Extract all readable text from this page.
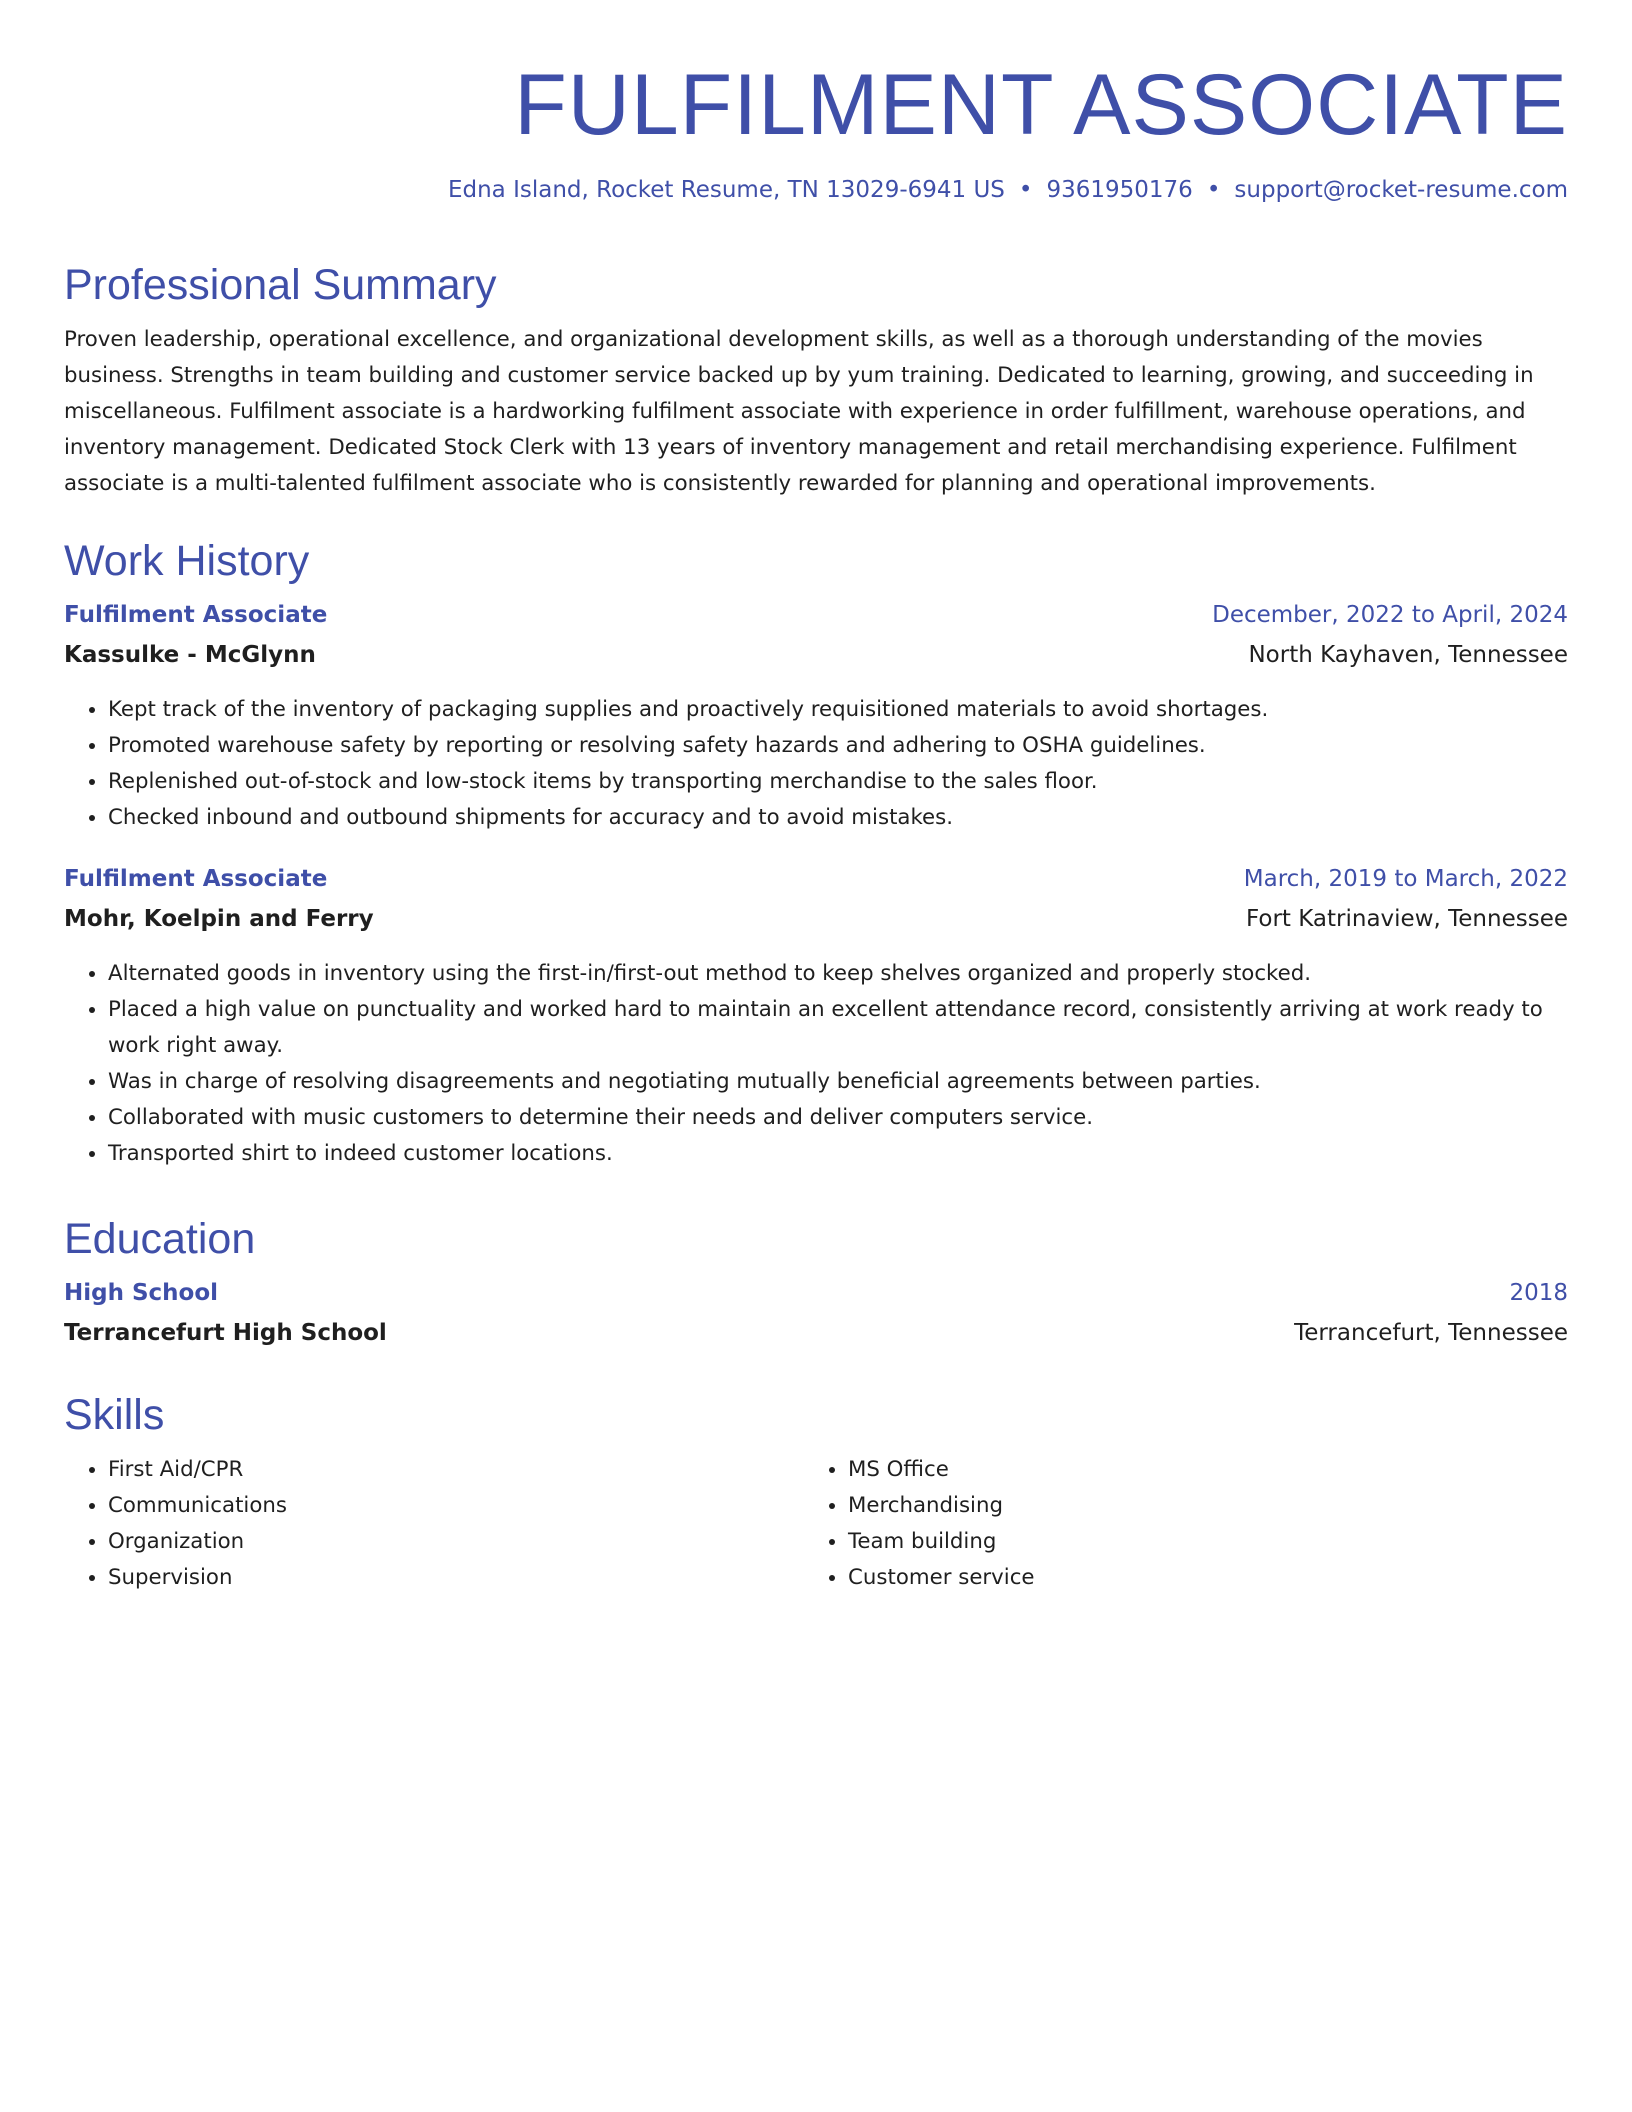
FULFILMENT ASSOCIATE
Edna Island, Rocket Resume, TN 13029-6941 US • 9361950176 • support@rocket-resume.com
Professional Summary

Proven leadership, operational excellence, and organizational development skills, as well as a thorough understanding of the movies business. Strengths in team building and customer service backed up by yum training. Dedicated to learning, growing, and succeeding in miscellaneous. Fulfilment associate is a hardworking fulfilment associate with experience in order fulfillment, warehouse operations, and inventory management. Dedicated Stock Clerk with 13 years of inventory management and retail merchandising experience. Fulfilment associate is a multi-talented fulfilment associate who is consistently rewarded for planning and operational improvements.

Work History
Fulfilment Associate	December, 2022 to April, 2024
Kassulke - McGlynn	North Kayhaven, Tennessee
• Kept track of the inventory of packaging supplies and proactively requisitioned materials to avoid shortages.
• Promoted warehouse safety by reporting or resolving safety hazards and adhering to OSHA guidelines.
• Replenished out-of-stock and low-stock items by transporting merchandise to the sales floor.
• Checked inbound and outbound shipments for accuracy and to avoid mistakes.
Fulfilment Associate	March, 2019 to March, 2022
Mohr, Koelpin and Ferry	Fort Katrinaview, Tennessee
• Alternated goods in inventory using the first-in/first-out method to keep shelves organized and properly stocked.
• Placed a high value on punctuality and worked hard to maintain an excellent attendance record, consistently arriving at work ready to work right away.
• Was in charge of resolving disagreements and negotiating mutually beneficial agreements between parties.
• Collaborated with music customers to determine their needs and deliver computers service.
• Transported shirt to indeed customer locations.
Education
High School	2018
Terrancefurt High School	Terrancefurt, Tennessee
Skills
• First Aid/CPR
• Communications
• Organization
• Supervision
• MS Office
• Merchandising
• Team building
• Customer service
